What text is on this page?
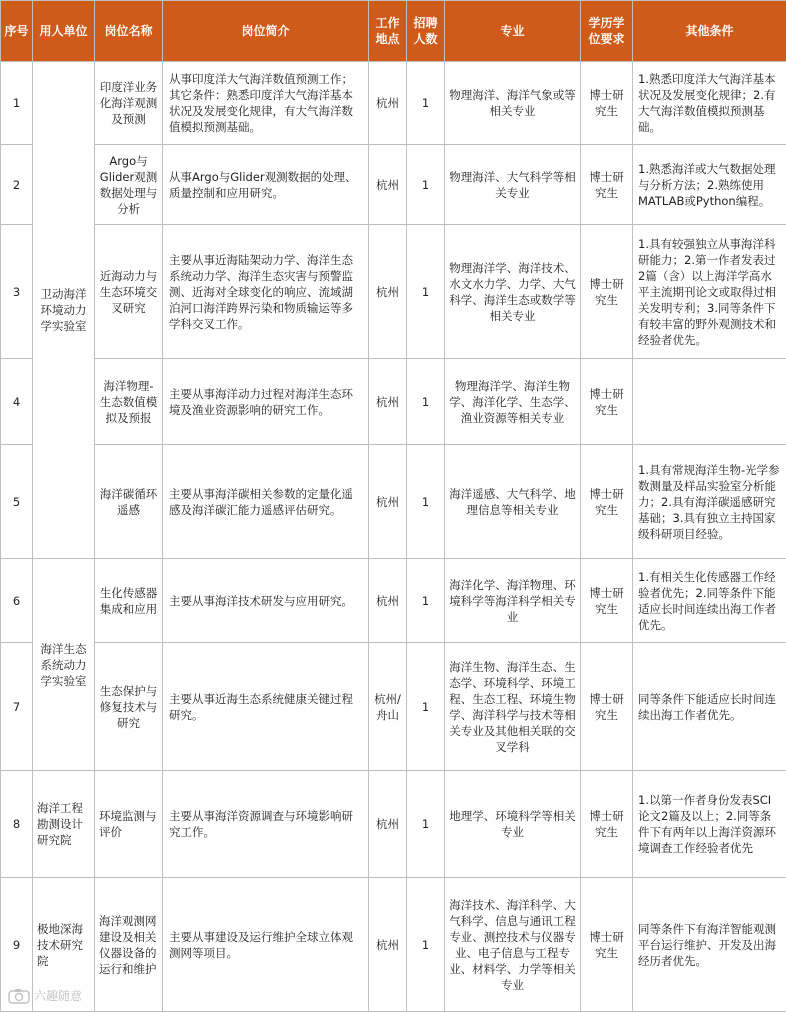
序号	用人单位	岗位名称	岗位简介	工作地点	招聘人数	专业	学历学位要求	其他条件
1	卫动海洋环境动力学实验室	印度洋业务化海洋观测及预测	从事印度洋大气海洋数值预测工作；其它条件：熟悉印度洋大气海洋基本状况及发展变化规律，有大气海洋数值模拟预测基础。	杭州	1	物理海洋、海洋气象或等相关专业	博士研究生	1.熟悉印度洋大气海洋基本状况及发展变化规律；2.有大气海洋数值模拟预测基础。
2		Argo与Glider观测数据处理与分析	从事Argo与Glider观测数据的处理、质量控制和应用研究。	杭州	1	物理海洋、大气科学等相关专业	博士研究生	1.熟悉海洋或大气数据处理与分析方法；2.熟练使用MATLAB或Python编程。
3		近海动力与生态环境交叉研究	主要从事近海陆架动力学、海洋生态系统动力学、海洋生态灾害与预警监测、近海对全球变化的响应、流域湖泊河口海洋跨界污染和物质输运等多学科交叉工作。	杭州	1	物理海洋学、海洋技术、水文水力学、力学、大气科学、海洋生态或数学等相关专业	博士研究生	1.具有较强独立从事海洋科研能力；2.第一作者发表过2篇（含）以上海洋学高水平主流期刊论文或取得过相关发明专利；3.同等条件下有较丰富的野外观测技术和经验者优先。
4		海洋物理-生态数值模拟及预报	主要从事海洋动力过程对海洋生态环境及渔业资源影响的研究工作。	杭州	1	物理海洋学、海洋生物学、海洋化学、生态学、渔业资源等相关专业	博士研究生	
5		海洋碳循环遥感	主要从事海洋碳相关参数的定量化遥感及海洋碳汇能力遥感评估研究。	杭州	1	海洋遥感、大气科学、地理信息等相关专业	博士研究生	1.具有常规海洋生物-光学参数测量及样品实验室分析能力；2.具有海洋碳遥感研究基础；3.具有独立主持国家级科研项目经验。
6	海洋生态系统动力学实验室	生化传感器集成和应用	主要从事海洋技术研发与应用研究。	杭州	1	海洋化学、海洋物理、环境科学等海洋科学相关专业	博士研究生	1.有相关生化传感器工作经验者优先；2.同等条件下能适应长时间连续出海工作者优先。
7		生态保护与修复技术与研究	主要从事近海生态系统健康关键过程研究。	杭州/舟山	1	海洋生物、海洋生态、生态学、环境科学、环境工程、生态工程、环境生物学、海洋科学与技术等相关专业及其他相关联的交叉学科	博士研究生	同等条件下能适应长时间连续出海工作者优先。
8	海洋工程勘测设计研究院	环境监测与评价	主要从事海洋资源调查与环境影响研究工作。	杭州	1	地理学、环境科学等相关专业	博士研究生	1.以第一作者身份发表SCI论文2篇及以上；2.同等条件下有两年以上海洋资源环境调查工作经验者优先
9	极地深海技术研究院	海洋观测网建设及相关仪器设备的运行和维护	主要从事建设及运行维护全球立体观测网等项目。	杭州	1	海洋技术、海洋科学、大气科学、信息与通讯工程专业、测控技术与仪器专业、电子信息与工程专业、材料学、力学等相关专业	博士研究生	同等条件下有海洋智能观测平台运行维护、开发及出海经历者优先。
六趣随意
